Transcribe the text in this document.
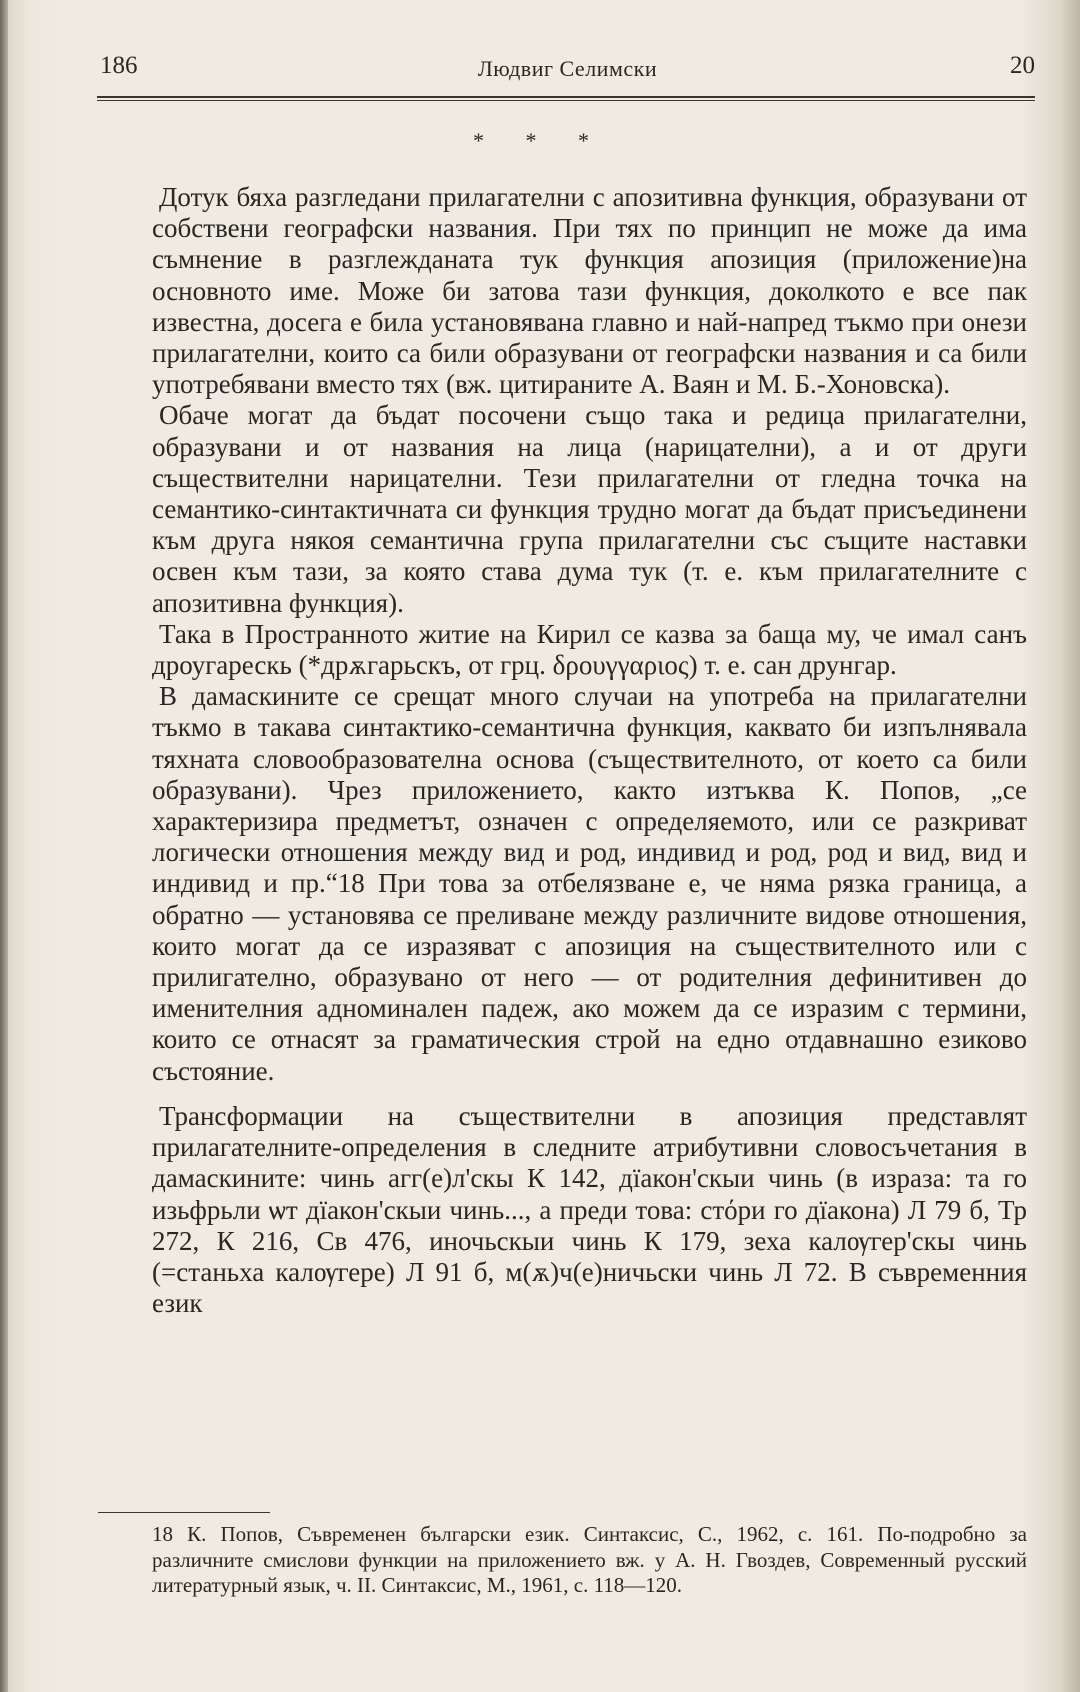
186	Людвиг Селимски	20
* * *

Дотук бяха разгледани прилагателни с апозитивна функция, образувани от собствени географски названия. При тях по принцип не може да има съмнение в разглежданата тук функция апозиция (приложение)на основното име. Може би затова тази функция, доколкото е все пак известна, досега е била установявана главно и най-напред тъкмо при онези прилагателни, които са били образувани от географски названия и са били употребявани вместо тях (вж. цитираните А. Ваян и М. Б.-Хоновска).

Обаче могат да бъдат посочени също така и редица прилагателни, образувани и от названия на лица (нарицателни), а и от други съществителни нарицателни. Тези прилагателни от гледна точка на семантико-синтактичната си функция трудно могат да бъдат присъединени към друга някоя семантична група прилагателни със същите наставки освен към тази, за която става дума тук (т. е. към прилагателните с апозитивна функция).

Така в Пространното житие на Кирил се казва за баща му, че имал санъ дроугарескь (*дрѫгарьскъ, от грц. δρουγγαριος) т. е. сан друнгар.

В дамаскините се срещат много случаи на употреба на прилагателни тъкмо в такава синтактико-семантична функция, каквато би изпълнявала тяхната словообразователна основа (съществителното, от което са били образувани). Чрез приложението, както изтъква К. Попов, „се характеризира предметът, означен с определяемото, или се разкриват логически отношения между вид и род, индивид и род, род и вид, вид и индивид и пр.“18 При това за отбелязване е, че няма рязка граница, а обратно — установява се преливане между различните видове отношения, които могат да се изразяват с апозиция на съществителното или с прилигателно, образувано от него — от родителния дефинитивен до именителния адноминален падеж, ако можем да се изразим с термини, които се отнасят за граматическия строй на едно отдавнашно езиково състояние.

Трансформации на съществителни в апозиция представлят прилагателните-определения в следните атрибутивни словосъчетания в дамаскините: чинь агг(е)л'скы К 142, дїакон'скыи чинь (в израза: та го изьфрьли ѡт дїакон'скыи чинь..., а преди това: стόри го дїакона) Л 79 б, Тр 272, К 216, Св 476, иночьскыи чинь К 179, зеха калѹгер'скы чинь (=станьха калѹгере) Л 91 б, м(ѫ)ч(е)ничьски чинь Л 72. В съвременния език

18 К. Попов, Съвременен български език. Синтаксис, С., 1962, с. 161. По-подробно за различните смислови функции на приложението вж. у А. Н. Гвоздев, Современный русский литературный язык, ч. II. Синтаксис, М., 1961, с. 118—120.
